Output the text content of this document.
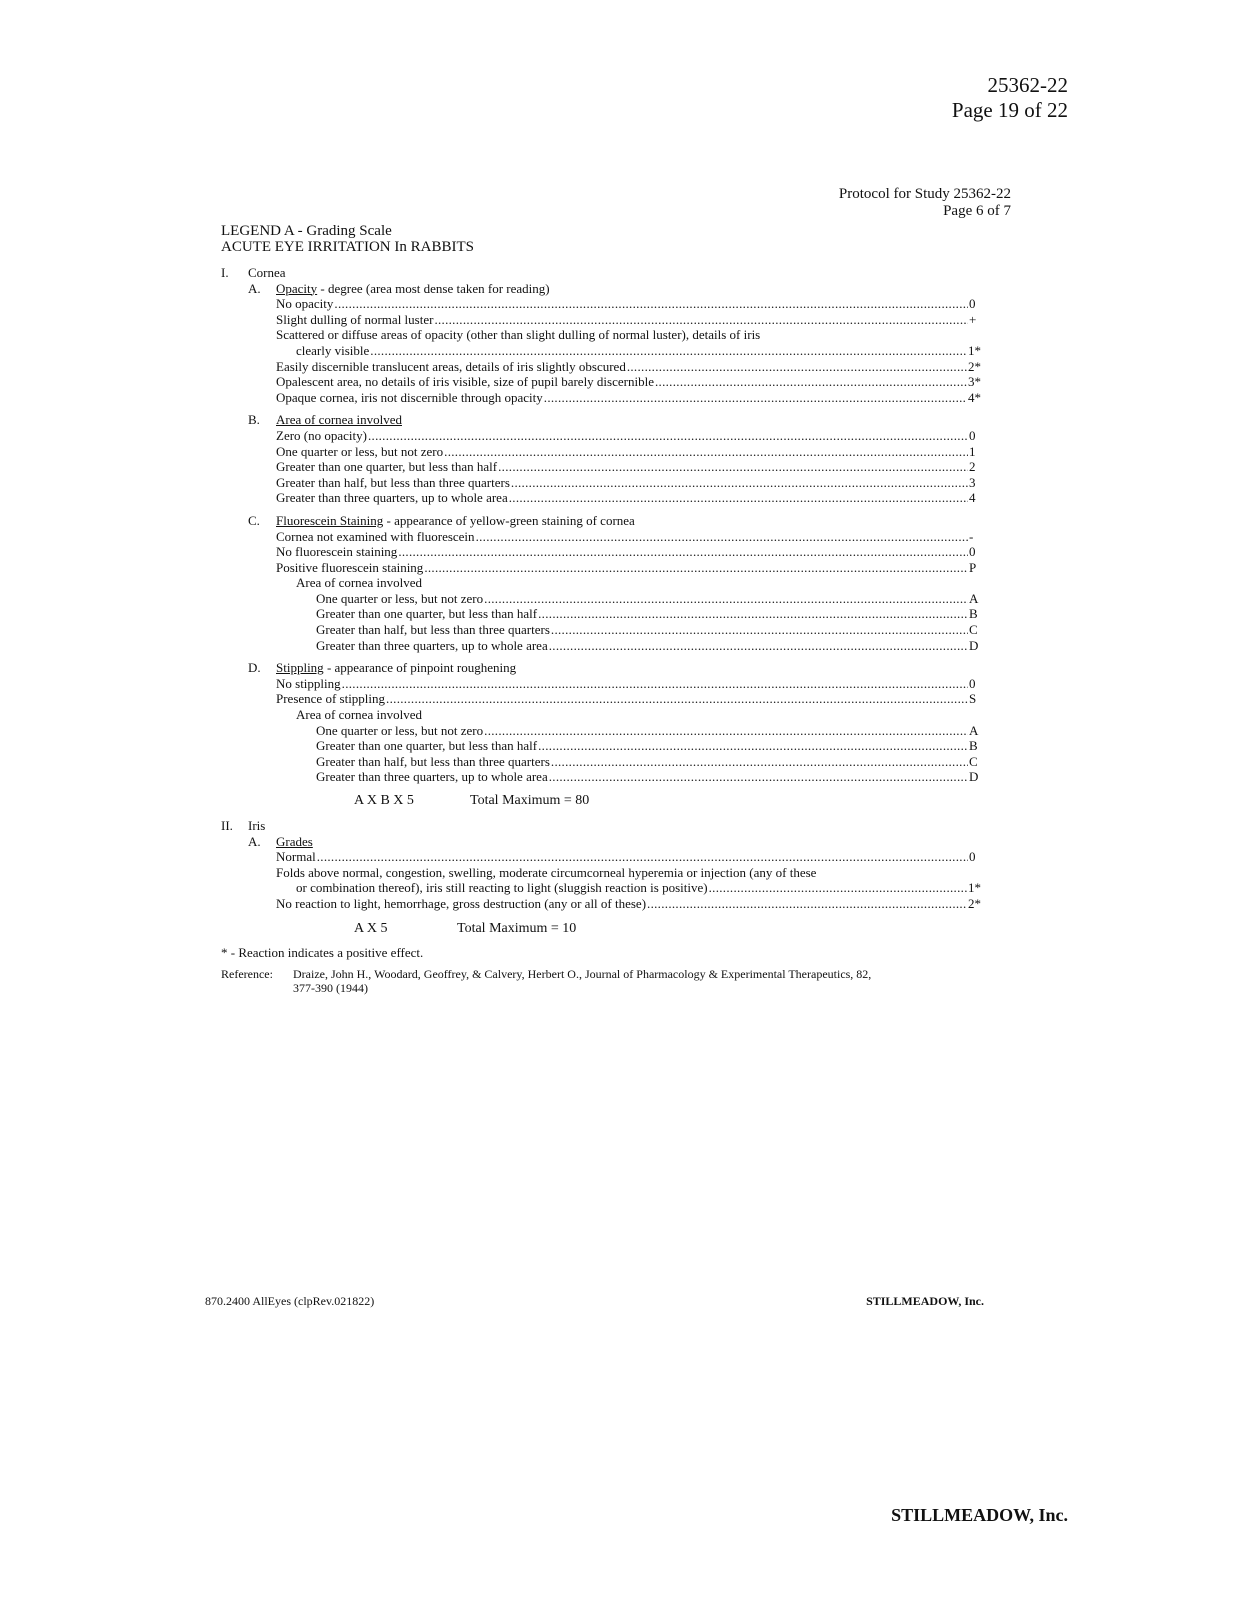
25362-22
Page 19 of 22
Protocol for Study 25362-22
Page 6 of 7
LEGEND A - Grading Scale
ACUTE EYE IRRITATION In RABBITS
I. Cornea
A. Opacity - degree (area most dense taken for reading)
No opacity .....	0
Slight dulling of normal luster .....	+
Scattered or diffuse areas of opacity (other than slight dulling of normal luster), details of iris
clearly visible .....	1*
Easily discernible translucent areas, details of iris slightly obscured .....	2*
Opalescent area, no details of iris visible, size of pupil barely discernible .....	3*
Opaque cornea, iris not discernible through opacity .....	4*
B. Area of cornea involved
Zero (no opacity) .....	0
One quarter or less, but not zero .....	1
Greater than one quarter, but less than half .....	2
Greater than half, but less than three quarters .....	3
Greater than three quarters, up to whole area .....	4
C. Fluorescein Staining - appearance of yellow-green staining of cornea
Cornea not examined with fluorescein .....	-
No fluorescein staining .....	0
Positive fluorescein staining .....	P
Area of cornea involved
One quarter or less, but not zero .....	A
Greater than one quarter, but less than half .....	B
Greater than half, but less than three quarters .....	C
Greater than three quarters, up to whole area .....	D
D. Stippling - appearance of pinpoint roughening
No stippling .....	0
Presence of stippling .....	S
Area of cornea involved
One quarter or less, but not zero .....	A
Greater than one quarter, but less than half .....	B
Greater than half, but less than three quarters .....	C
Greater than three quarters, up to whole area .....	D
A X B X 5	Total Maximum = 80
II. Iris
A. Grades
Normal .....	0
Folds above normal, congestion, swelling, moderate circumcorneal hyperemia or injection (any of these
or combination thereof), iris still reacting to light (sluggish reaction is positive) .....	1*
No reaction to light, hemorrhage, gross destruction (any or all of these) .....	2*
A X 5	Total Maximum = 10
* - Reaction indicates a positive effect.
Reference:	Draize, John H., Woodard, Geoffrey, & Calvery, Herbert O., Journal of Pharmacology & Experimental Therapeutics, 82,
377-390 (1944)
870.2400 AllEyes (clpRev.021822)	STILLMEADOW, Inc.
STILLMEADOW, Inc.
